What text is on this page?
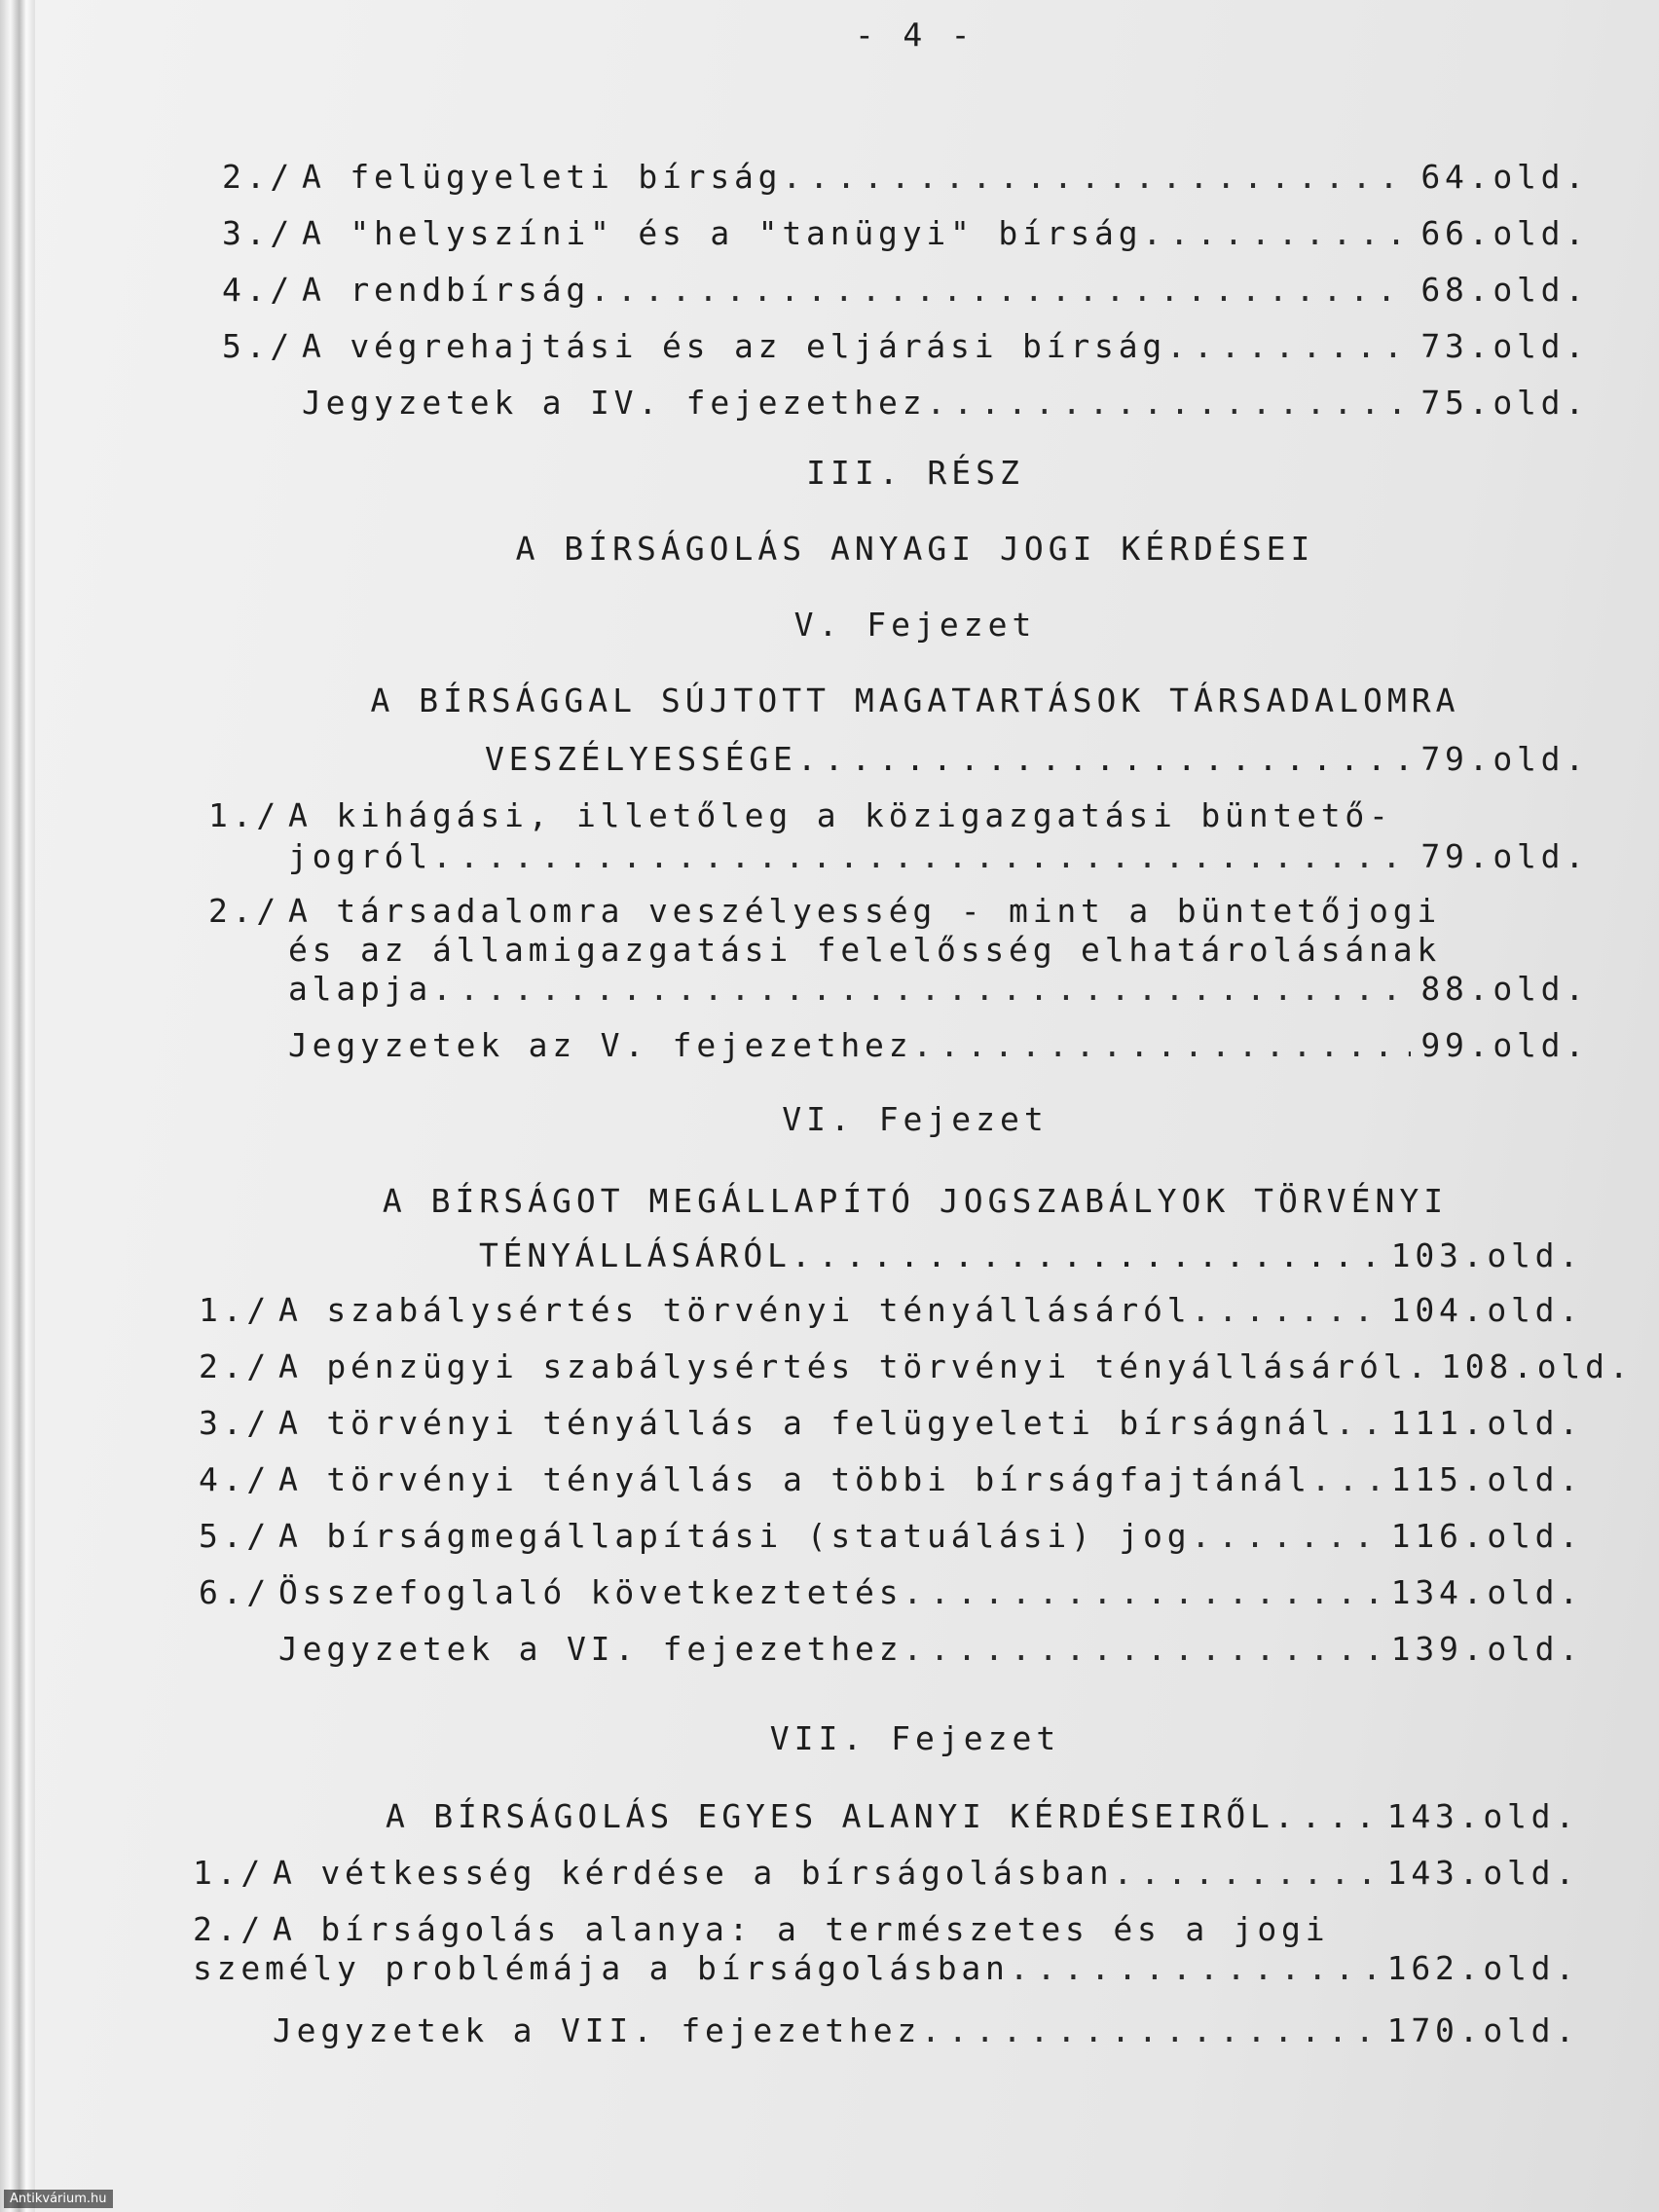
- 4 -
2./ A felügyeleti bírság .....	64.old.
3./ A "helyszíni" és a "tanügyi" bírság .....	66.old.
4./ A rendbírság .....	68.old.
5./ A végrehajtási és az eljárási bírság .....	73.old.
Jegyzetek a IV. fejezethez .....	75.old.
III. RÉSZ
A BÍRSÁGOLÁS ANYAGI JOGI KÉRDÉSEI
V. Fejezet
A BÍRSÁGGAL SÚJTOTT MAGATARTÁSOK TÁRSADALOMRA
VESZÉLYESSÉGE .....	79.old.
1./ A kihágási, illetőleg a közigazgatási büntető-
jogról .....	79.old.
2./ A társadalomra veszélyesség - mint a büntetőjogi
és az államigazgatási felelősség elhatárolásának
alapja .....	88.old.
Jegyzetek az V. fejezethez .....	99.old.
VI. Fejezet
A BÍRSÁGOT MEGÁLLAPÍTÓ JOGSZABÁLYOK TÖRVÉNYI
TÉNYÁLLÁSÁRÓL .....	103.old.
1./ A szabálysértés törvényi tényállásáról .....	104.old.
2./ A pénzügyi szabálysértés törvényi tényállásáról. 108.old.
3./ A törvényi tényállás a felügyeleti bírságnál .....	111.old.
4./ A törvényi tényállás a többi bírságfajtánál .....	115.old.
5./ A bírságmegállapítási (statuálási) jog .....	116.old.
6./ Összefoglaló következtetés .....	134.old.
Jegyzetek a VI. fejezethez .....	139.old.
VII. Fejezet
A BÍRSÁGOLÁS EGYES ALANYI KÉRDÉSEIRŐL .....	143.old.
1./ A vétkesség kérdése a bírságolásban .....	143.old.
2./ A bírságolás alanya: a természetes és a jogi
személy problémája a bírságolásban .....	162.old.
Jegyzetek a VII. fejezethez .....	170.old.
Antikvárium.hu
